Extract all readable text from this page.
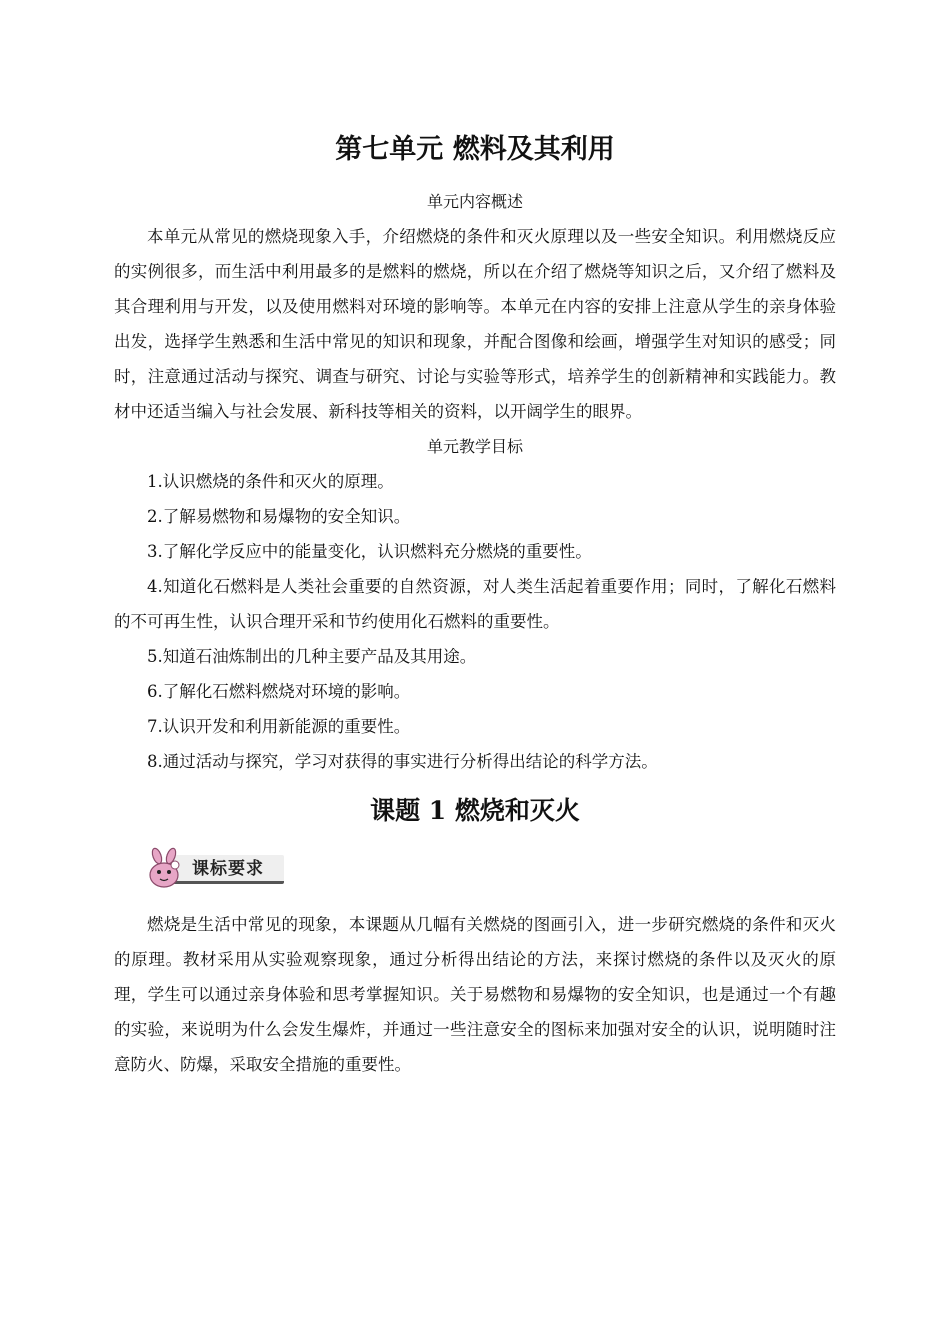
第七单元 燃料及其利用

单元内容概述

本单元从常见的燃烧现象入手，介绍燃烧的条件和灭火原理以及一些安全知识。利用燃烧反应的实例很多，而生活中利用最多的是燃料的燃烧，所以在介绍了燃烧等知识之后，又介绍了燃料及其合理利用与开发，以及使用燃料对环境的影响等。本单元在内容的安排上注意从学生的亲身体验出发，选择学生熟悉和生活中常见的知识和现象，并配合图像和绘画，增强学生对知识的感受；同时，注意通过活动与探究、调查与研究、讨论与实验等形式，培养学生的创新精神和实践能力。教材中还适当编入与社会发展、新科技等相关的资料，以开阔学生的眼界。

单元教学目标

1.认识燃烧的条件和灭火的原理。

2.了解易燃物和易爆物的安全知识。

3.了解化学反应中的能量变化，认识燃料充分燃烧的重要性。

4.知道化石燃料是人类社会重要的自然资源，对人类生活起着重要作用；同时，了解化石燃料的不可再生性，认识合理开采和节约使用化石燃料的重要性。

5.知道石油炼制出的几种主要产品及其用途。

6.了解化石燃料燃烧对环境的影响。

7.认识开发和利用新能源的重要性。

8.通过活动与探究，学习对获得的事实进行分析得出结论的科学方法。

课题 1 燃烧和灭火
课标要求

燃烧是生活中常见的现象，本课题从几幅有关燃烧的图画引入，进一步研究燃烧的条件和灭火的原理。教材采用从实验观察现象，通过分析得出结论的方法，来探讨燃烧的条件以及灭火的原理，学生可以通过亲身体验和思考掌握知识。关于易燃物和易爆物的安全知识，也是通过一个有趣的实验，来说明为什么会发生爆炸，并通过一些注意安全的图标来加强对安全的认识，说明随时注意防火、防爆，采取安全措施的重要性。
